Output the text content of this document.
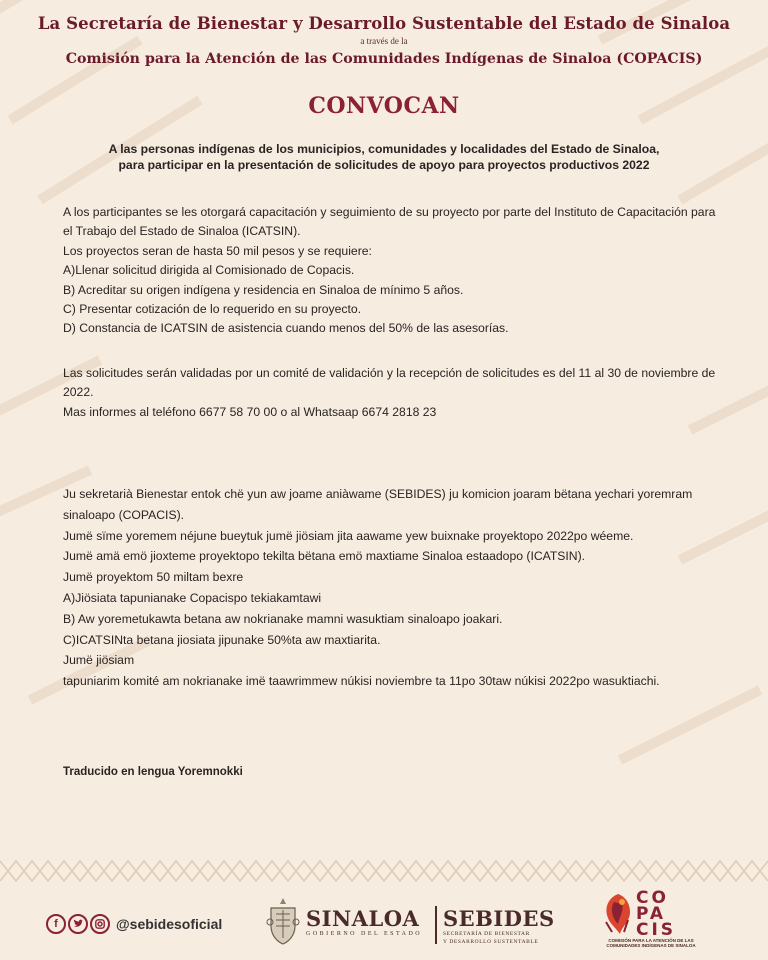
La Secretaría de Bienestar y Desarrollo Sustentable del Estado de Sinaloa
a través de la
Comisión para la Atención de las Comunidades Indígenas de Sinaloa (COPACIS)
CONVOCAN
A las personas indígenas de los municipios, comunidades y localidades del Estado de Sinaloa,
para participar en la presentación de solicitudes de apoyo para proyectos productivos 2022

A los participantes se les otorgará capacitación y seguimiento de su proyecto por parte del Instituto de Capacitación para el Trabajo del Estado de Sinaloa (ICATSIN).

Los proyectos seran de hasta 50 mil pesos y se requiere:

A)Llenar solicitud dirigida al Comisionado de Copacis.

B) Acreditar su origen indígena y residencia en Sinaloa de mínimo 5 años.

C) Presentar cotización de lo requerido en su proyecto.

D) Constancia de ICATSIN de asistencia cuando menos del 50% de las asesorías.

Las solicitudes serán validadas por un comité de validación y la recepción de solicitudes es del 11 al 30 de noviembre de 2022.

Mas informes al teléfono 6677 58 70 00 o al Whatsaap 6674 2818 23

Ju sekretarià Bienestar entok chë yun aw joame aniàwame (SEBIDES) ju komicion joaram bëtana yechari yoremram sinaloapo (COPACIS).

Jumë sïme yoremem néjune bueytuk jumë jiösiam jita aawame yew buixnake proyektopo 2022po wéeme.

Jumë amä emö jioxteme proyektopo tekilta bëtana emö maxtiame Sinaloa estaadopo (ICATSIN).

Jumë proyektom 50 miltam bexre

A)Jiösiata tapunianake Copacispo tekiakamtawi

B) Aw yoremetukawta betana aw nokrianake mamni wasuktiam sinaloapo joakari.

C)ICATSINta betana jiosiata jipunake 50%ta aw maxtiarita.

Jumë jiösiam

tapuniarim komité am nokrianake imë taawrimmew núkisi noviembre ta 11po 30taw núkisi 2022po wasuktiachi.

Traducido en lengua Yoremnokki
f	@sebidesoficial	SINALOA
GOBIERNO DEL ESTADO
SEBIDES
SECRETARÍA DE BIENESTAR
Y DESARROLLO SUSTENTABLE
CO
PA
CIS
COMISIÓN PARA LA ATENCIÓN DE LAS
COMUNIDADES INDÍGENAS DE SINALOA
